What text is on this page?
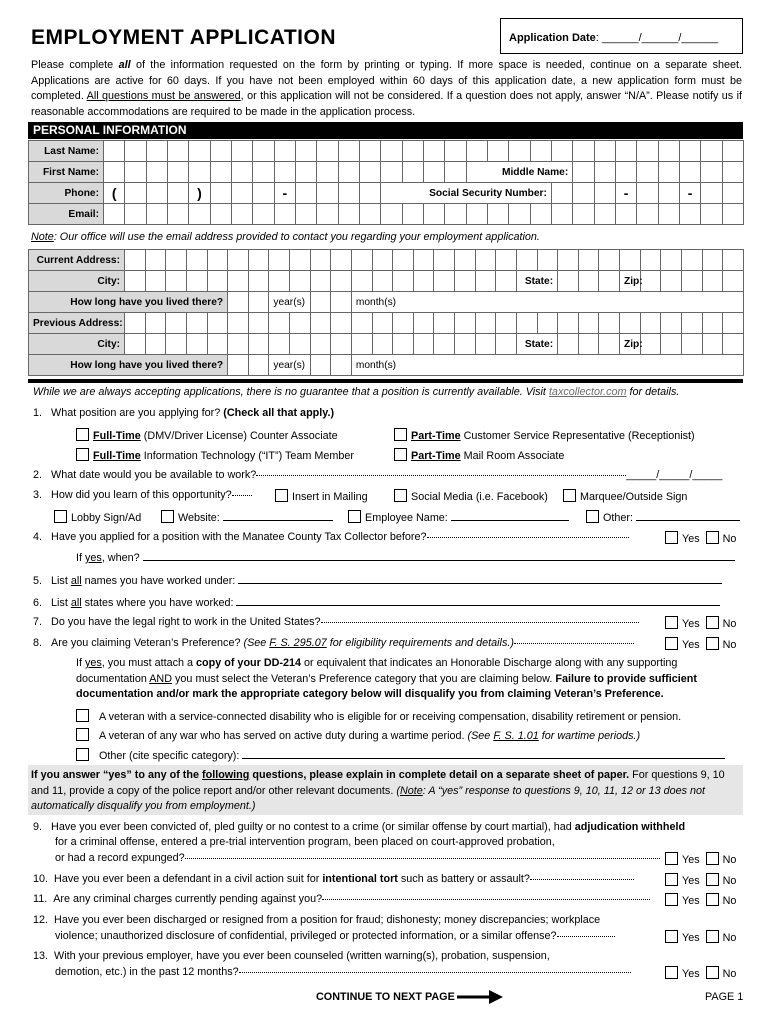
EMPLOYMENT APPLICATION	Application Date: ______/______/______
Please complete all of the information requested on the form by printing or typing. If more space is needed, continue on a separate sheet. Applications are active for 60 days. If you have not been employed within 60 days of this application date, a new application form must be completed. All questions must be answered, or this application will not be considered. If a question does not apply, answer “N/A”. Please notify us if reasonable accommodations are required to be made in the application process.
PERSONAL INFORMATION
Last Name:																															
First Name:																		Middle Name:													
Phone:	(				)				-					Social Security Number:											-			-				
Email:																															
Note: Our office will use the email address provided to contact you regarding your employment application.
Current Address:																														
City:																				State:					Zip:					
How long have you lived there?								year(s)				month(s)																		
Previous Address:																														
City:																				State:					Zip:					
How long have you lived there?								year(s)				month(s)																		
While we are always accepting applications, there is no guarantee that a position is currently available. Visit taxcollector.com for details.
1. What position are you applying for? (Check all that apply.)
Full-Time (DMV/Driver License) Counter Associate	Part-Time Customer Service Representative (Receptionist)
Full-Time Information Technology (“IT”) Team Member	Part-Time Mail Room Associate
2. What date would you be available to work?	_____/_____/_____
3. How did you learn of this opportunity?	Insert in Mailing	Social Media (i.e. Facebook)	Marquee/Outside Sign
Lobby Sign/Ad	Website:	Employee Name:	Other:
4. Have you applied for a position with the Manatee County Tax Collector before?	Yes No
If yes, when?
5. List all names you have worked under:
6. List all states where you have worked:
7. Do you have the legal right to work in the United States?	Yes No
8. Are you claiming Veteran’s Preference? (See F. S. 295.07 for eligibility requirements and details.)	Yes No
If yes, you must attach a copy of your DD-214 or equivalent that indicates an Honorable Discharge along with any supporting documentation AND you must select the Veteran’s Preference category that you are claiming below. Failure to provide sufficient documentation and/or mark the appropriate category below will disqualify you from claiming Veteran’s Preference.
A veteran with a service-connected disability who is eligible for or receiving compensation, disability retirement or pension.
A veteran of any war who has served on active duty during a wartime period. (See F. S. 1.01 for wartime periods.)
Other (cite specific category):
If you answer “yes” to any of the following questions, please explain in complete detail on a separate sheet of paper. For questions 9, 10 and 11, provide a copy of the police report and/or other relevant documents. (Note: A “yes” response to questions 9, 10, 11, 12 or 13 does not automatically disqualify you from employment.)
9. Have you ever been convicted of, pled guilty or no contest to a crime (or similar offense by court martial), had adjudication withheld
for a criminal offense, entered a pre-trial intervention program, been placed on court-approved probation,
or had a record expunged?	Yes No
10. Have you ever been a defendant in a civil action suit for intentional tort such as battery or assault?	Yes No
11. Are any criminal charges currently pending against you?	Yes No
12. Have you ever been discharged or resigned from a position for fraud; dishonesty; money discrepancies; workplace
violence; unauthorized disclosure of confidential, privileged or protected information, or a similar offense?	Yes No
13. With your previous employer, have you ever been counseled (written warning(s), probation, suspension,
demotion, etc.) in the past 12 months?	Yes No
CONTINUE TO NEXT PAGE	PAGE 1
